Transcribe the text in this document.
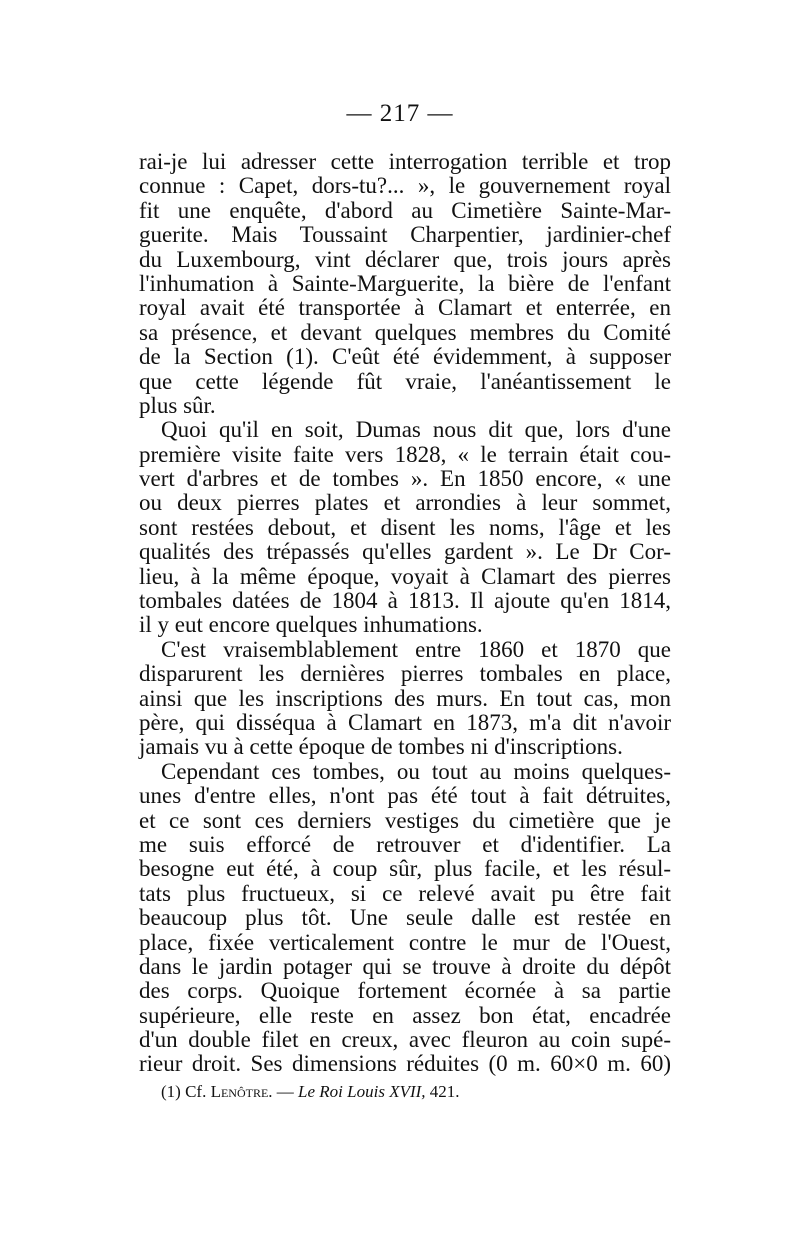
— 217 —
rai-je lui adresser cette interrogation terrible et trop
connue : Capet, dors-tu?... », le gouvernement royal
fit une enquête, d'abord au Cimetière Sainte-Mar-
guerite. Mais Toussaint Charpentier, jardinier-chef
du Luxembourg, vint déclarer que, trois jours après
l'inhumation à Sainte-Marguerite, la bière de l'enfant
royal avait été transportée à Clamart et enterrée, en
sa présence, et devant quelques membres du Comité
de la Section (1). C'eût été évidemment, à supposer
que cette légende fût vraie, l'anéantissement le
plus sûr.
Quoi qu'il en soit, Dumas nous dit que, lors d'une
première visite faite vers 1828, « le terrain était cou-
vert d'arbres et de tombes ». En 1850 encore, « une
ou deux pierres plates et arrondies à leur sommet,
sont restées debout, et disent les noms, l'âge et les
qualités des trépassés qu'elles gardent ». Le Dr Cor-
lieu, à la même époque, voyait à Clamart des pierres
tombales datées de 1804 à 1813. Il ajoute qu'en 1814,
il y eut encore quelques inhumations.
C'est vraisemblablement entre 1860 et 1870 que
disparurent les dernières pierres tombales en place,
ainsi que les inscriptions des murs. En tout cas, mon
père, qui disséqua à Clamart en 1873, m'a dit n'avoir
jamais vu à cette époque de tombes ni d'inscriptions.
Cependant ces tombes, ou tout au moins quelques-
unes d'entre elles, n'ont pas été tout à fait détruites,
et ce sont ces derniers vestiges du cimetière que je
me suis efforcé de retrouver et d'identifier. La
besogne eut été, à coup sûr, plus facile, et les résul-
tats plus fructueux, si ce relevé avait pu être fait
beaucoup plus tôt. Une seule dalle est restée en
place, fixée verticalement contre le mur de l'Ouest,
dans le jardin potager qui se trouve à droite du dépôt
des corps. Quoique fortement écornée à sa partie
supérieure, elle reste en assez bon état, encadrée
d'un double filet en creux, avec fleuron au coin supé-
rieur droit. Ses dimensions réduites (0 m. 60×0 m. 60)
(1) Cf. Lenôtre. — Le Roi Louis XVII, 421.
